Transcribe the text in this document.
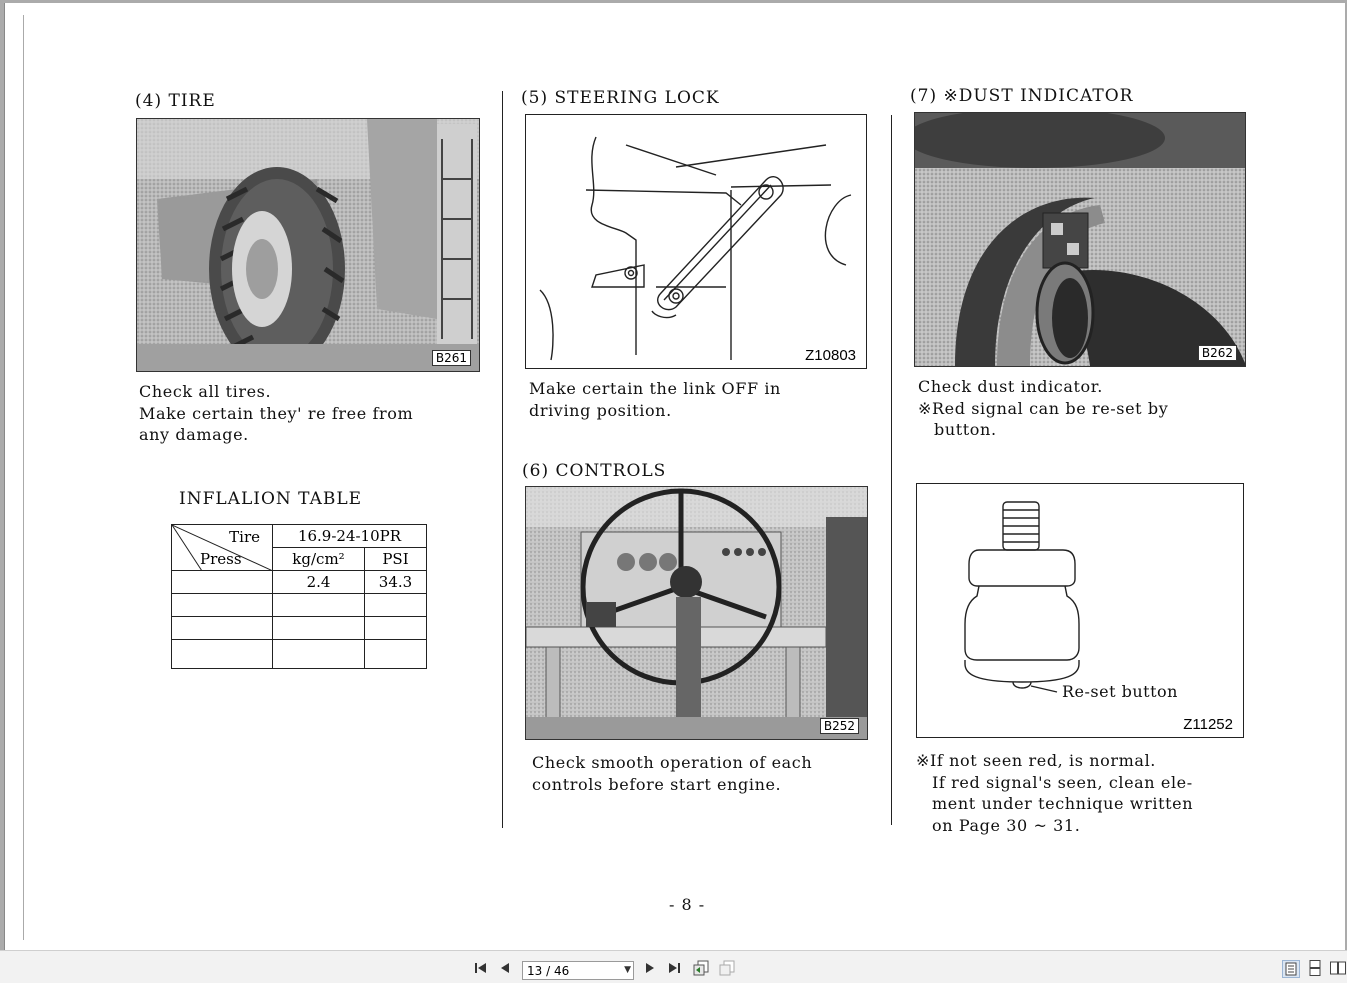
(4) TIRE
B261
Check all tires.
Make certain they' re free from
any damage.
INFLALION TABLE
Tire
Press	16.9-24-10PR	
	kg/cm²	PSI
	2.4	34.3

(5) STEERING LOCK
Z10803
Make certain the link OFF in
driving position.
(6) CONTROLS
B252
Check smooth operation of each
controls before start engine.
(7) ※DUST INDICATOR
B262
Check dust indicator.
※Red signal can be re-set by
button.
Re-set button
Z11252
※If not seen red, is normal.
If red signal's seen, clean ele-
ment under technique written
on Page 30 ~ 31.
- 8 -
13 / 46
▼
